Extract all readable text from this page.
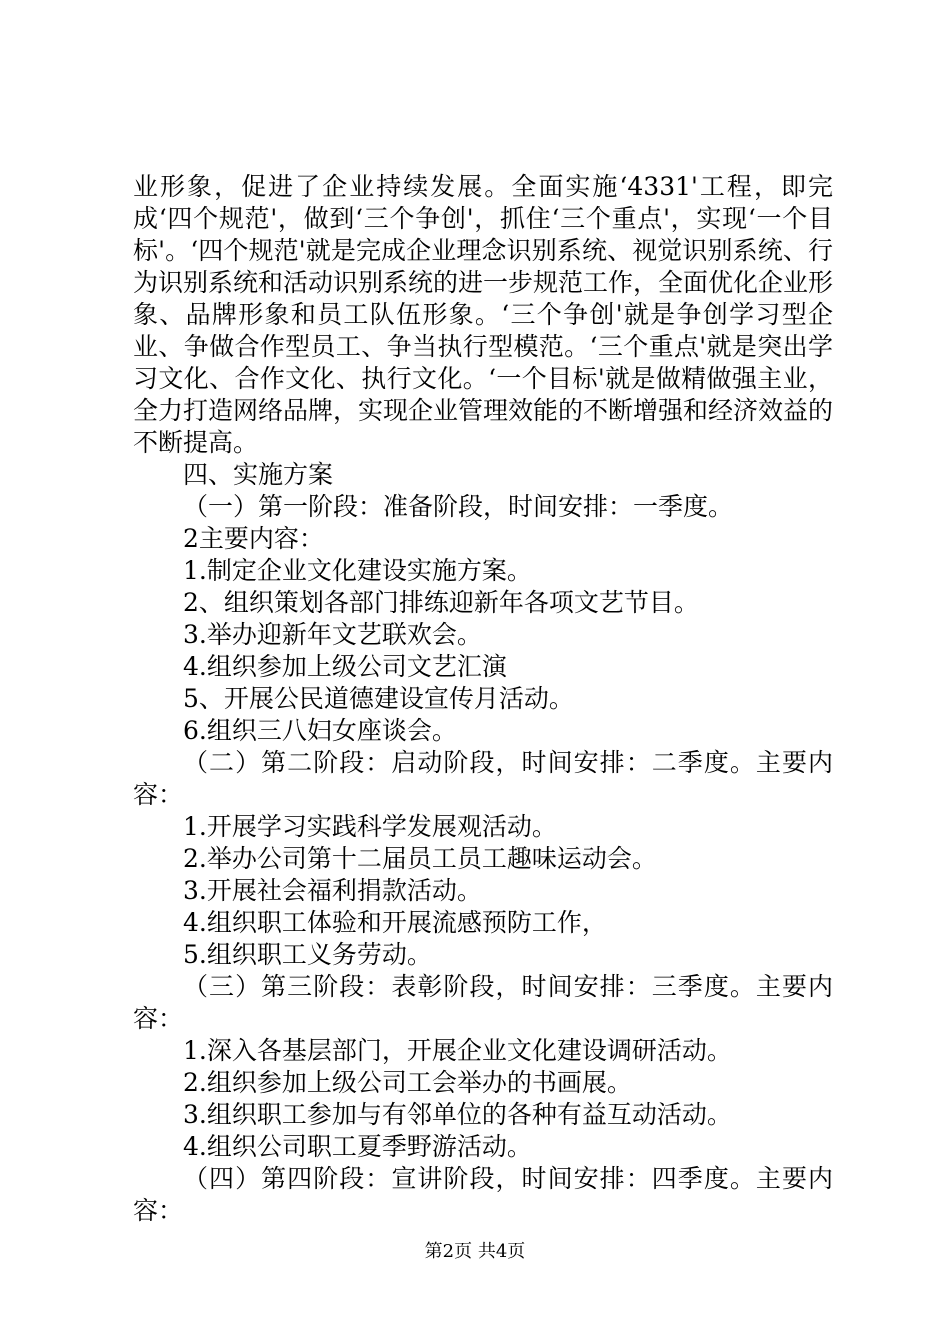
业形象，促进了企业持续发展。全面实施‘4331'工程，即完成‘四个规范'，做到‘三个争创'，抓住‘三个重点'，实现‘一个目标'。‘四个规范'就是完成企业理念识别系统、视觉识别系统、行为识别系统和活动识别系统的进一步规范工作，全面优化企业形象、品牌形象和员工队伍形象。‘三个争创'就是争创学习型企业、争做合作型员工、争当执行型模范。‘三个重点'就是突出学习文化、合作文化、执行文化。‘一个目标'就是做精做强主业，全力打造网络品牌，实现企业管理效能的不断增强和经济效益的不断提高。

四、实施方案

（一）第一阶段：准备阶段，时间安排：一季度。

2主要内容：

1.制定企业文化建设实施方案。

2、组织策划各部门排练迎新年各项文艺节目。

3.举办迎新年文艺联欢会。

4.组织参加上级公司文艺汇演

5、开展公民道德建设宣传月活动。

6.组织三八妇女座谈会。

（二）第二阶段：启动阶段，时间安排：二季度。主要内容：

1.开展学习实践科学发展观活动。

2.举办公司第十二届员工员工趣味运动会。

3.开展社会福利捐款活动。

4.组织职工体验和开展流感预防工作，

5.组织职工义务劳动。

（三）第三阶段：表彰阶段，时间安排：三季度。主要内容：

1.深入各基层部门，开展企业文化建设调研活动。

2.组织参加上级公司工会举办的书画展。

3.组织职工参加与有邻单位的各种有益互动活动。

4.组织公司职工夏季野游活动。

（四）第四阶段：宣讲阶段，时间安排：四季度。主要内容：

第2页 共4页
